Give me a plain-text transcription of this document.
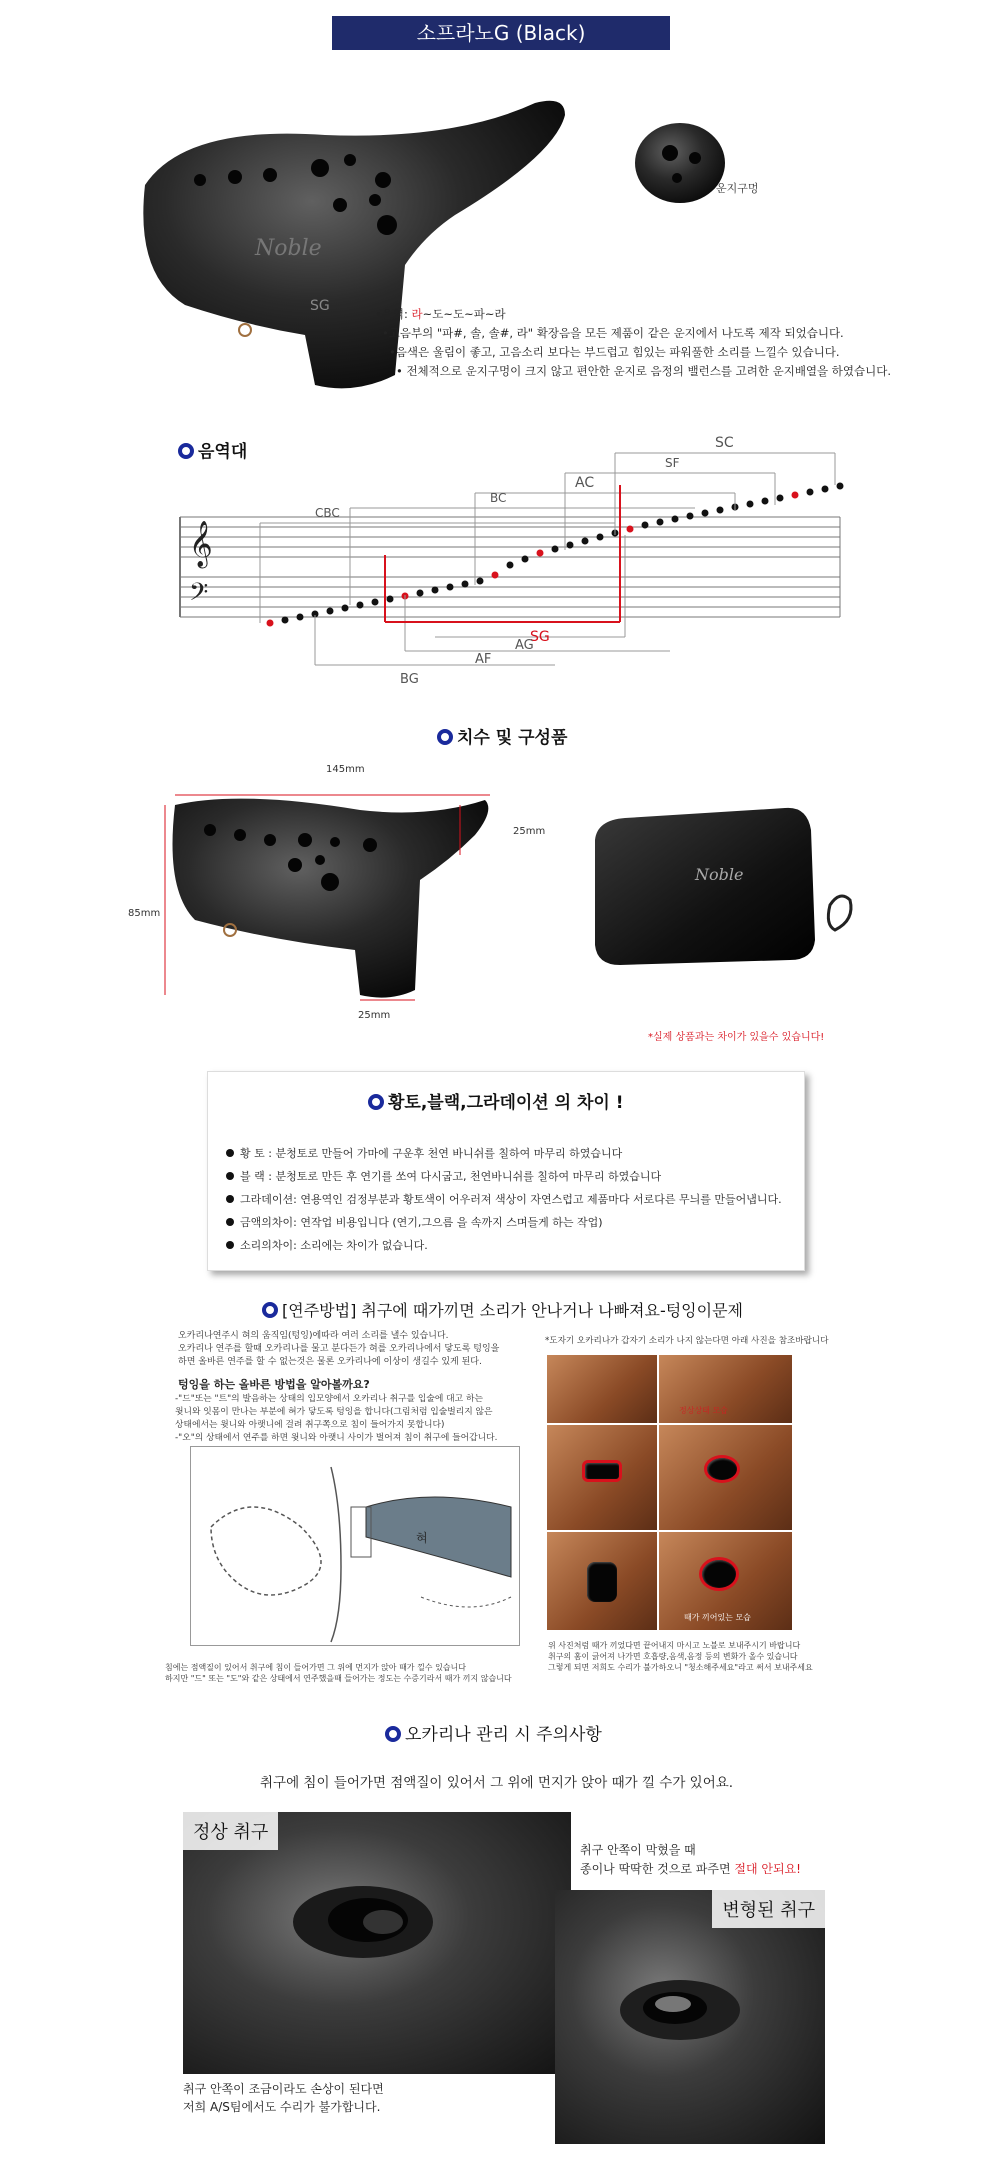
소프라노G (Black)
Noble
SG
운지구멍
•음역: 라~도~도~파~라
•고음부의 "파#, 솔, 솔#, 라" 확장음을 모든 제품이 같은 운지에서 나도록 제작 되었습니다.
•음색은 울림이 좋고, 고음소리 보다는 부드럽고 힘있는 파워풀한 소리를 느낄수 있습니다.
• 전체적으로 운지구멍이 크지 않고 편안한 운지로 음정의 밸런스를 고려한 운지배열을 하였습니다.
음역대
𝄞
𝄢
SC
SF
AC
BC
CBC
SG
AG
AF
BG
치수 및 구성품
145mm
85mm
25mm
25mm
Noble
*실제 상품과는 차이가 있을수 있습니다!
황토,블랙,그라데이션 의 차이 !
황 토 : 분청토로 만들어 가마에 구운후 천연 바니쉬를 칠하여 마무리 하였습니다
블 랙 : 분청토로 만든 후 연기를 쏘여 다시굽고, 천연바니쉬를 칠하여 마무리 하였습니다
그라데이션: 연용역인 검정부분과 황토색이 어우러져 색상이 자연스럽고 제품마다 서로다른 무늬를 만들어냅니다.
금액의차이: 연작업 비용입니다 (연기,그으름 을 속까지 스며들게 하는 작업)
소리의차이: 소리에는 차이가 없습니다.
[연주방법] 취구에 때가끼면 소리가 안나거나 나빠져요-텅잉이문제
오카리나연주시 혀의 움직임(텅잉)에따라 여러 소리를 낼수 있습니다.
오카리나 연주를 할때 오카리나를 물고 분다든가 혀를 오카리나에서 닿도록 텅잉을
하면 올바른 연주를 할 수 없는것은 물론 오카리나에 이상이 생길수 있게 된다.
텅잉을 하는 올바른 방법을 알아볼까요?
-"드"또는 "트"의 발음하는 상태의 입모양에서 오카리나 취구를 입술에 대고 하는
윗니와 잇몸이 만나는 부분에 혀가 닿도록 텅잉을 합니다(그림처럼 입술벌리지 않은
상태에서는 윗니와 아랫니에 걸려 취구쪽으로 침이 들어가지 못합니다)
-"오"의 상태에서 연주를 하면 윗니와 아랫니 사이가 벌어져 침이 취구에 들어갑니다.
혀
침에는 점액질이 있어서 취구에 침이 들어가면 그 위에 먼지가 앉아 때가 낄수 있습니다
하지만 "드" 또는 "도"와 같은 상태에서 연주했을때 들어가는 정도는 수증기라서 때가 끼지 않습니다
*도자기 오카리나가 갑자기 소리가 나지 않는다면 아래 사진을 참조바랍니다
정상상태 모습
때가 끼어있는 모습
위 사진처럼 때가 끼었다면 끝어내지 마시고 노블로 보내주시기 바랍니다
취구의 홈이 긁어져 나가면 호흡량,음색,음정 등의 변화가 올수 있습니다
그렇게 되면 저희도 수리가 불가하오니 "청소해주세요"라고 써서 보내주세요
오카리나 관리 시 주의사항
취구에 침이 들어가면 점액질이 있어서 그 위에 먼지가 앉아 때가 낄 수가 있어요.
정상 취구
취구 안쪽이 막혔을 때
종이나 딱딱한 것으로 파주면 절대 안되요!
변형된 취구
취구 안쪽이 조금이라도 손상이 된다면
저희 A/S팀에서도 수리가 불가합니다.
